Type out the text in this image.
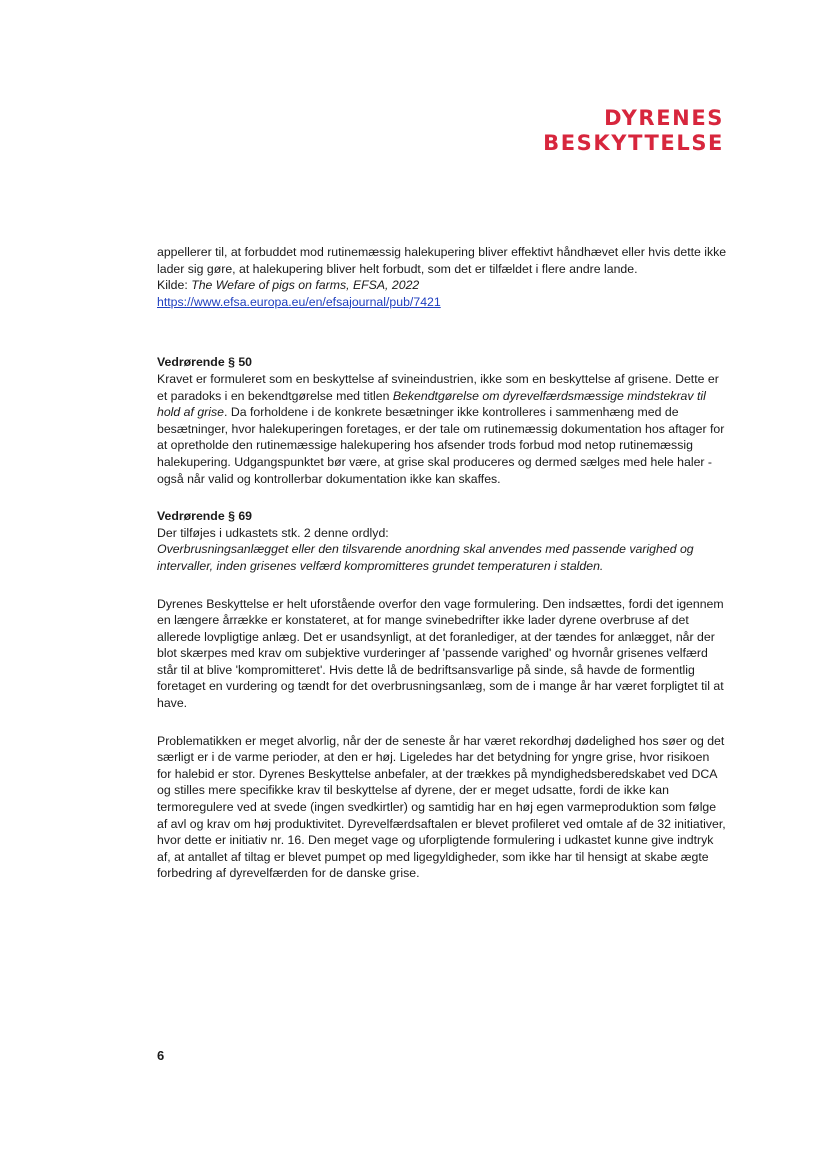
DYRENES
BESKYTTELSE

appellerer til, at forbuddet mod rutinemæssig halekupering bliver effektivt håndhævet eller hvis dette ikke lader sig gøre, at halekupering bliver helt forbudt, som det er tilfældet i flere andre lande.

Kilde: The Wefare of pigs on farms, EFSA, 2022

https://www.efsa.europa.eu/en/efsajournal/pub/7421

Vedrørende § 50

Kravet er formuleret som en beskyttelse af svineindustrien, ikke som en beskyttelse af grisene. Dette er et paradoks i en bekendtgørelse med titlen Bekendtgørelse om dyrevelfærdsmæssige mindstekrav til hold af grise. Da forholdene i de konkrete besætninger ikke kontrolleres i sammenhæng med de besætninger, hvor halekuperingen foretages, er der tale om rutinemæssig dokumentation hos aftager for at opretholde den rutinemæssige halekupering hos afsender trods forbud mod netop rutinemæssig halekupering. Udgangspunktet bør være, at grise skal produceres og dermed sælges med hele haler - også når valid og kontrollerbar dokumentation ikke kan skaffes.

Vedrørende § 69

Der tilføjes i udkastets stk. 2 denne ordlyd:

Overbrusningsanlægget eller den tilsvarende anordning skal anvendes med passende varighed og intervaller, inden grisenes velfærd kompromitteres grundet temperaturen i stalden.

Dyrenes Beskyttelse er helt uforstående overfor den vage formulering. Den indsættes, fordi det igennem en længere årrække er konstateret, at for mange svinebedrifter ikke lader dyrene overbruse af det allerede lovpligtige anlæg. Det er usandsynligt, at det foranlediger, at der tændes for anlægget, når der blot skærpes med krav om subjektive vurderinger af 'passende varighed' og hvornår grisenes velfærd står til at blive 'kompromitteret'. Hvis dette lå de bedriftsansvarlige på sinde, så havde de formentlig foretaget en vurdering og tændt for det overbrusningsanlæg, som de i mange år har været forpligtet til at have.

Problematikken er meget alvorlig, når der de seneste år har været rekordhøj dødelighed hos søer og det særligt er i de varme perioder, at den er høj. Ligeledes har det betydning for yngre grise, hvor risikoen for halebid er stor. Dyrenes Beskyttelse anbefaler, at der trækkes på myndighedsberedskabet ved DCA og stilles mere specifikke krav til beskyttelse af dyrene, der er meget udsatte, fordi de ikke kan termoregulere ved at svede (ingen svedkirtler) og samtidig har en høj egen varmeproduktion som følge af avl og krav om høj produktivitet. Dyrevelfærdsaftalen er blevet profileret ved omtale af de 32 initiativer, hvor dette er initiativ nr. 16. Den meget vage og uforpligtende formulering i udkastet kunne give indtryk af, at antallet af tiltag er blevet pumpet op med ligegyldigheder, som ikke har til hensigt at skabe ægte forbedring af dyrevelfærden for de danske grise.

6
